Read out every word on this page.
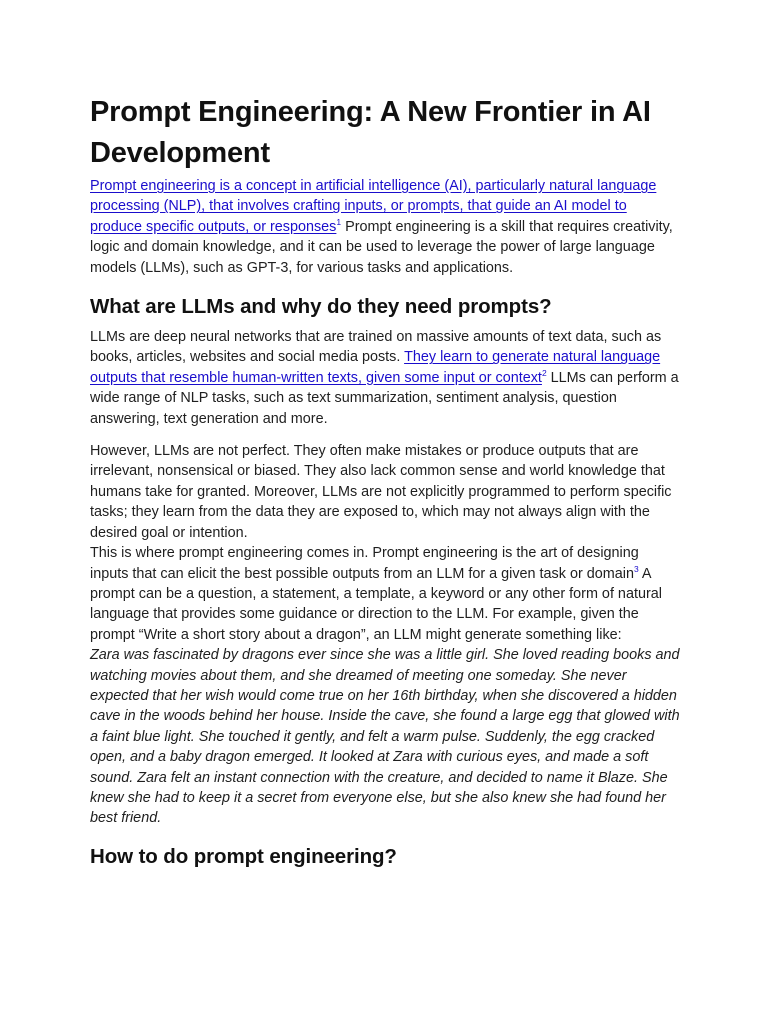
Prompt Engineering: A New Frontier in AI Development

Prompt engineering is a concept in artificial intelligence (AI), particularly natural language processing (NLP), that involves crafting inputs, or prompts, that guide an AI model to produce specific outputs, or responses$^1$ Prompt engineering is a skill that requires creativity, logic and domain knowledge, and it can be used to leverage the power of large language models (LLMs), such as GPT-3, for various tasks and applications.

What are LLMs and why do they need prompts?

LLMs are deep neural networks that are trained on massive amounts of text data, such as books, articles, websites and social media posts. They learn to generate natural language outputs that resemble human-written texts, given some input or context$^2$ LLMs can perform a wide range of NLP tasks, such as text summarization, sentiment analysis, question answering, text generation and more.

However, LLMs are not perfect. They often make mistakes or produce outputs that are irrelevant, nonsensical or biased. They also lack common sense and world knowledge that humans take for granted. Moreover, LLMs are not explicitly programmed to perform specific tasks; they learn from the data they are exposed to, which may not always align with the desired goal or intention.

This is where prompt engineering comes in. Prompt engineering is the art of designing inputs that can elicit the best possible outputs from an LLM for a given task or domain$^3$ A prompt can be a question, a statement, a template, a keyword or any other form of natural language that provides some guidance or direction to the LLM. For example, given the prompt “Write a short story about a dragon”, an LLM might generate something like:

Zara was fascinated by dragons ever since she was a little girl. She loved reading books and watching movies about them, and she dreamed of meeting one someday. She never expected that her wish would come true on her 16th birthday, when she discovered a hidden cave in the woods behind her house. Inside the cave, she found a large egg that glowed with a faint blue light. She touched it gently, and felt a warm pulse. Suddenly, the egg cracked open, and a baby dragon emerged. It looked at Zara with curious eyes, and made a soft sound. Zara felt an instant connection with the creature, and decided to name it Blaze. She knew she had to keep it a secret from everyone else, but she also knew she had found her best friend.

How to do prompt engineering?
